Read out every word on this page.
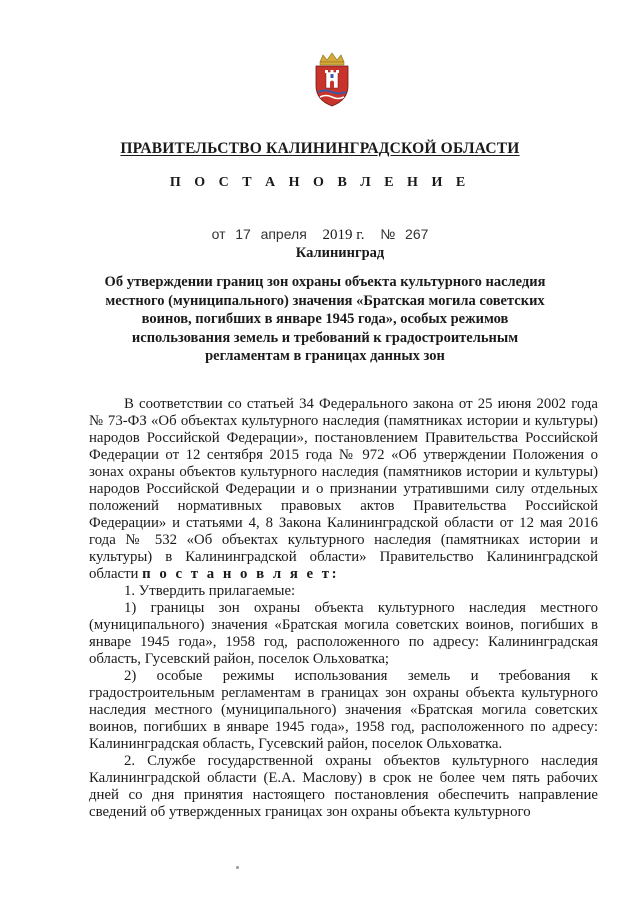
ПРАВИТЕЛЬСТВО КАЛИНИНГРАДСКОЙ ОБЛАСТИ
П О С Т А Н О В Л Е Н И Е
от 17 апреля 2019 г. № 267
Калининград
Об утверждении границ зон охраны объекта культурного наследия
местного (муниципального) значения «Братская могила советских
воинов, погибших в январе 1945 года», особых режимов
использования земель и требований к градостроительным
регламентам в границах данных зон

В соответствии со статьей 34 Федерального закона от 25 июня 2002 года № 73-ФЗ «Об объектах культурного наследия (памятниках истории и культуры) народов Российской Федерации», постановлением Правительства Российской Федерации от 12 сентября 2015 года № 972 «Об утверждении Положения о зонах охраны объектов культурного наследия (памятников истории и культуры) народов Российской Федерации и о признании утратившими силу отдельных положений нормативных правовых актов Правительства Российской Федерации» и статьями 4, 8 Закона Калининградской области от 12 мая 2016 года № 532 «Об объектах культурного наследия (памятниках истории и культуры) в Калининградской области» Правительство Калининградской области п о с т а н о в л я е т:

1. Утвердить прилагаемые:

1) границы зон охраны объекта культурного наследия местного (муниципального) значения «Братская могила советских воинов, погибших в январе 1945 года», 1958 год, расположенного по адресу: Калининградская область, Гусевский район, поселок Ольховатка;

2) особые режимы использования земель и требования к градостроительным регламентам в границах зон охраны объекта культурного наследия местного (муниципального) значения «Братская могила советских воинов, погибших в январе 1945 года», 1958 год, расположенного по адресу: Калининградская область, Гусевский район, поселок Ольховатка.

2. Службе государственной охраны объектов культурного наследия Калининградской области (Е.А. Маслову) в срок не более чем пять рабочих дней со дня принятия настоящего постановления обеспечить направление сведений об утвержденных границах зон охраны объекта культурного
